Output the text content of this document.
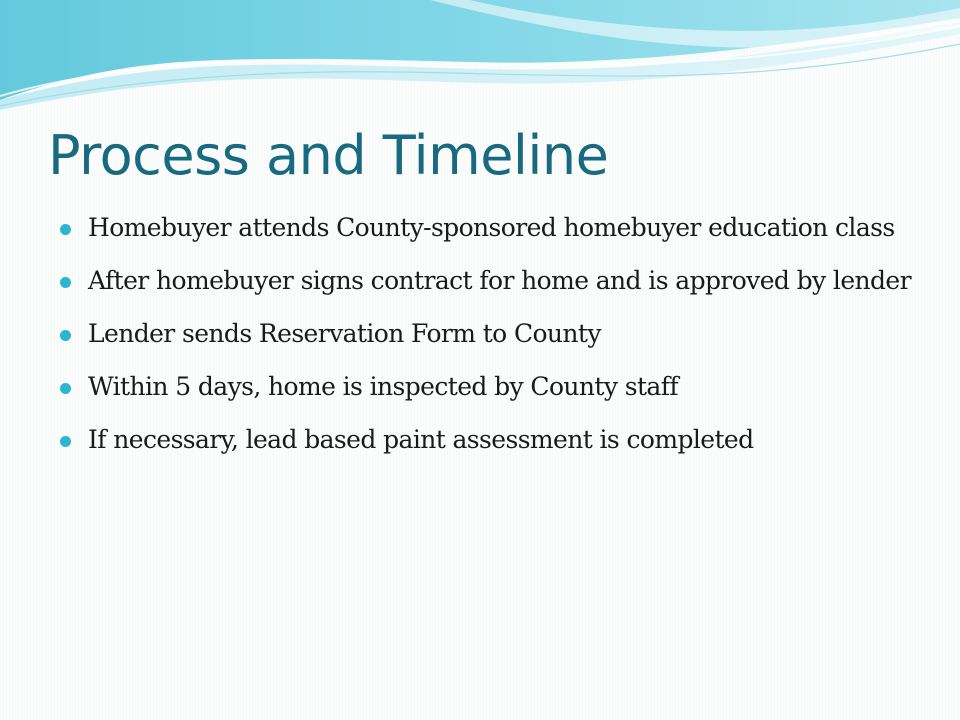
Process and Timeline
Homebuyer attends County-sponsored homebuyer education class
After homebuyer signs contract for home and is approved by lender
Lender sends Reservation Form to County
Within 5 days, home is inspected by County staff
If necessary, lead based paint assessment is completed
